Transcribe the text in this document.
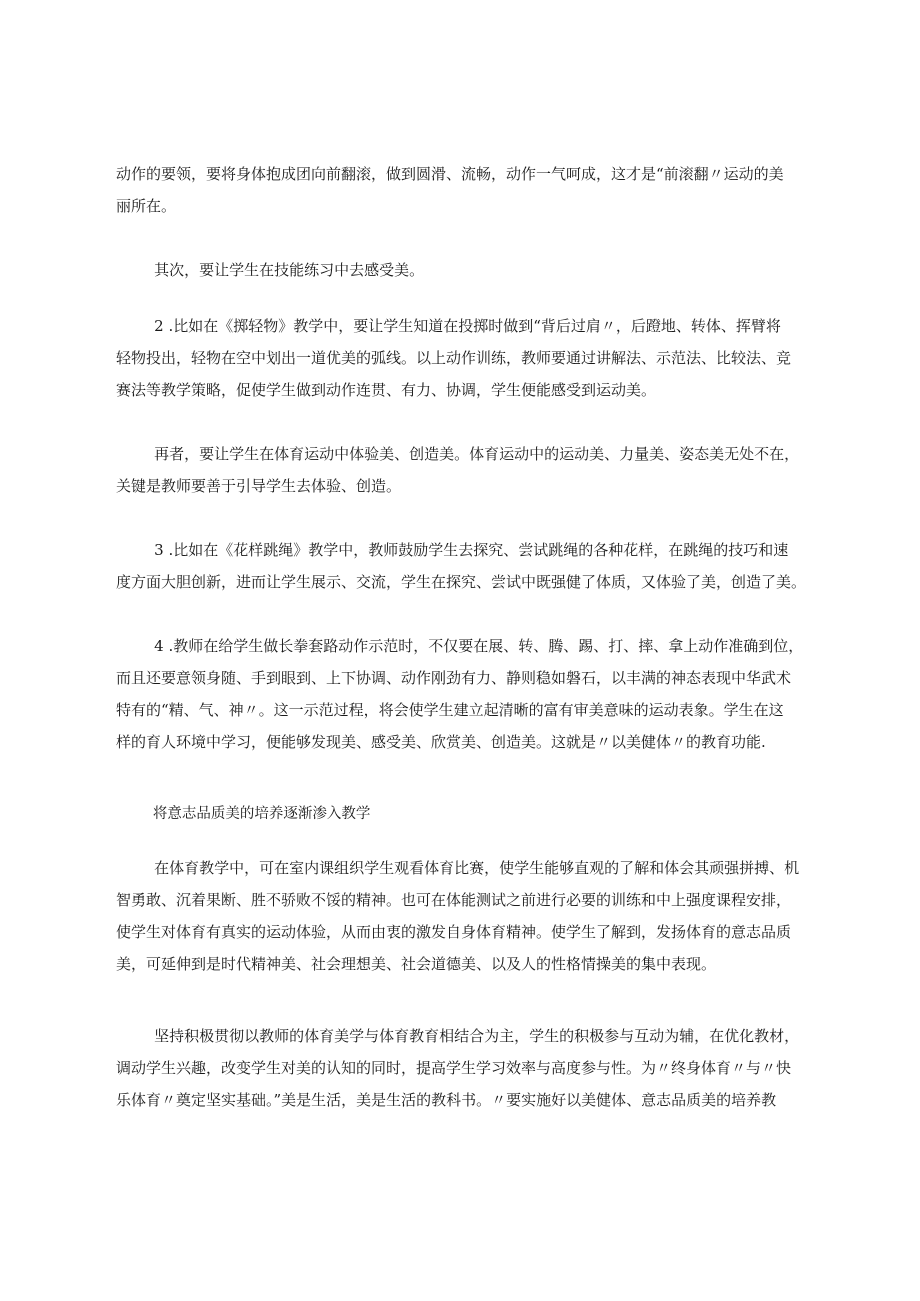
动作的要领，要将身体抱成团向前翻滚，做到圆滑、流畅，动作一气呵成，这才是“前滚翻〃运动的美
丽所在。
其次，要让学生在技能练习中去感受美。
2 .比如在《掷轻物》教学中，要让学生知道在投掷时做到“背后过肩〃，后蹬地、转体、挥臂将
轻物投出，轻物在空中划出一道优美的弧线。以上动作训练，教师要通过讲解法、示范法、比较法、竞
赛法等教学策略，促使学生做到动作连贯、有力、协调，学生便能感受到运动美。
再者，要让学生在体育运动中体验美、创造美。体育运动中的运动美、力量美、姿态美无处不在，
关键是教师要善于引导学生去体验、创造。
3 .比如在《花样跳绳》教学中，教师鼓励学生去探究、尝试跳绳的各种花样，在跳绳的技巧和速
度方面大胆创新，进而让学生展示、交流，学生在探究、尝试中既强健了体质，又体验了美，创造了美。
4 .教师在给学生做长拳套路动作示范时，不仅要在展、转、腾、踢、打、摔、拿上动作准确到位，
而且还要意领身随、手到眼到、上下协调、动作刚劲有力、静则稳如磐石，以丰满的神态表现中华武术
特有的“精、气、神〃。这一示范过程，将会使学生建立起清晰的富有审美意味的运动表象。学生在这
样的育人环境中学习，便能够发现美、感受美、欣赏美、创造美。这就是〃以美健体〃的教育功能.
将意志品质美的培养逐渐渗入教学
在体育教学中，可在室内课组织学生观看体育比赛，使学生能够直观的了解和体会其顽强拼搏、机
智勇敢、沉着果断、胜不骄败不馁的精神。也可在体能测试之前进行必要的训练和中上强度课程安排，
使学生对体育有真实的运动体验，从而由衷的激发自身体育精神。使学生了解到，发扬体育的意志品质
美，可延伸到是时代精神美、社会理想美、社会道德美、以及人的性格情操美的集中表现。
坚持积极贯彻以教师的体育美学与体育教育相结合为主，学生的积极参与互动为辅，在优化教材，
调动学生兴趣，改变学生对美的认知的同时，提高学生学习效率与高度参与性。为〃终身体育〃与〃快
乐体育〃奠定坚实基础。”美是生活，美是生活的教科书。〃要实施好以美健体、意志品质美的培养教
